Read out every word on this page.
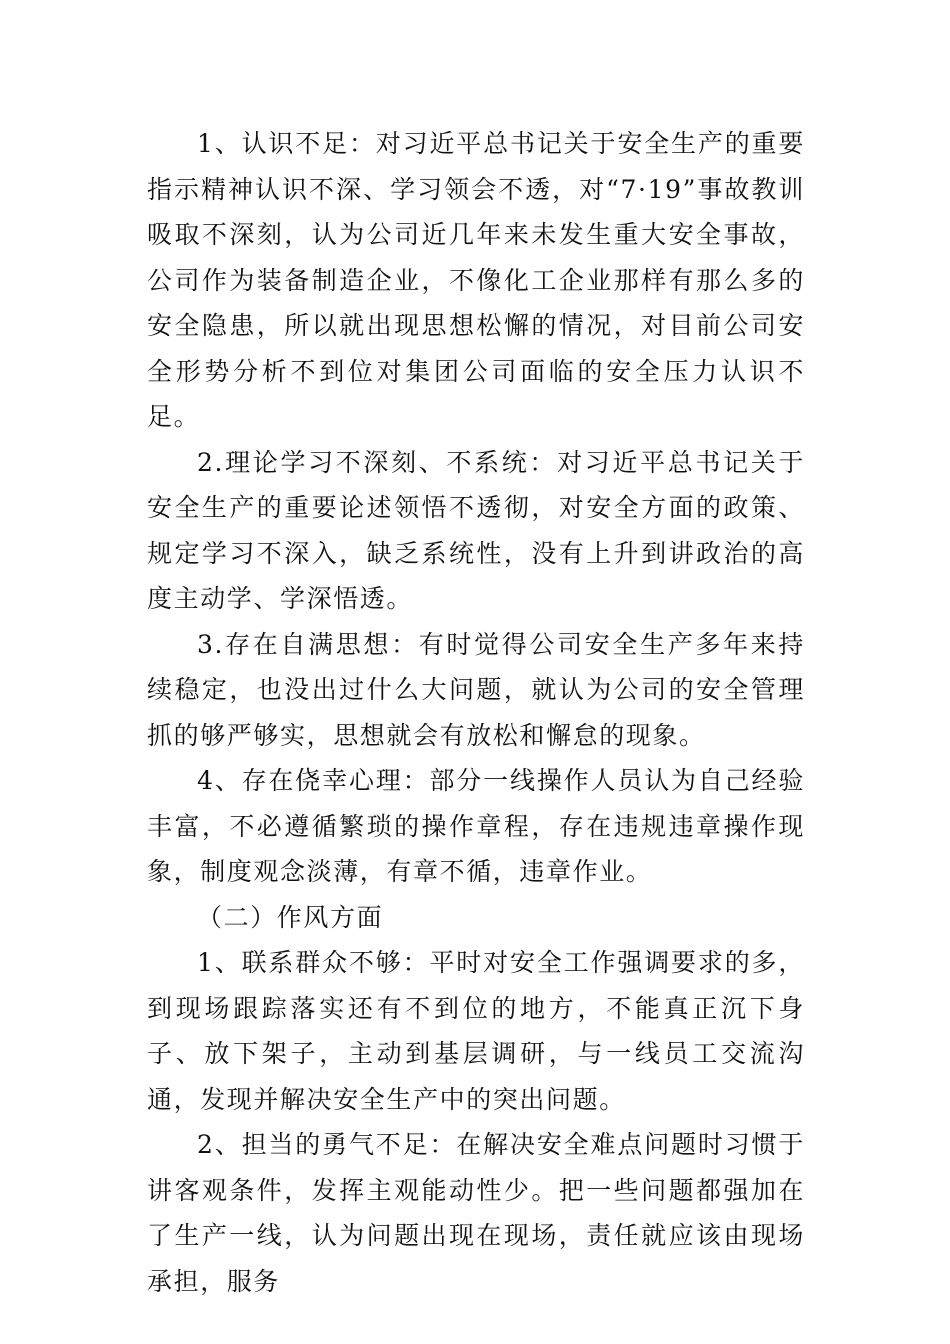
1、认识不足：对习近平总书记关于安全生产的重要指示精神认识不深、学习领会不透，对“7·19”事故教训吸取不深刻，认为公司近几年来未发生重大安全事故，公司作为装备制造企业，不像化工企业那样有那么多的安全隐患，所以就出现思想松懈的情况，对目前公司安全形势分析不到位对集团公司面临的安全压力认识不足。

2.理论学习不深刻、不系统：对习近平总书记关于安全生产的重要论述领悟不透彻，对安全方面的政策、规定学习不深入，缺乏系统性，没有上升到讲政治的高度主动学、学深悟透。

3.存在自满思想：有时觉得公司安全生产多年来持续稳定，也没出过什么大问题，就认为公司的安全管理抓的够严够实，思想就会有放松和懈怠的现象。

4、存在侥幸心理：部分一线操作人员认为自己经验丰富，不必遵循繁琐的操作章程，存在违规违章操作现象，制度观念淡薄，有章不循，违章作业。

（二）作风方面

1、联系群众不够：平时对安全工作强调要求的多，到现场跟踪落实还有不到位的地方，不能真正沉下身子、放下架子，主动到基层调研，与一线员工交流沟通，发现并解决安全生产中的突出问题。

2、担当的勇气不足：在解决安全难点问题时习惯于讲客观条件，发挥主观能动性少。把一些问题都强加在了生产一线，认为问题出现在现场，责任就应该由现场承担，服务
